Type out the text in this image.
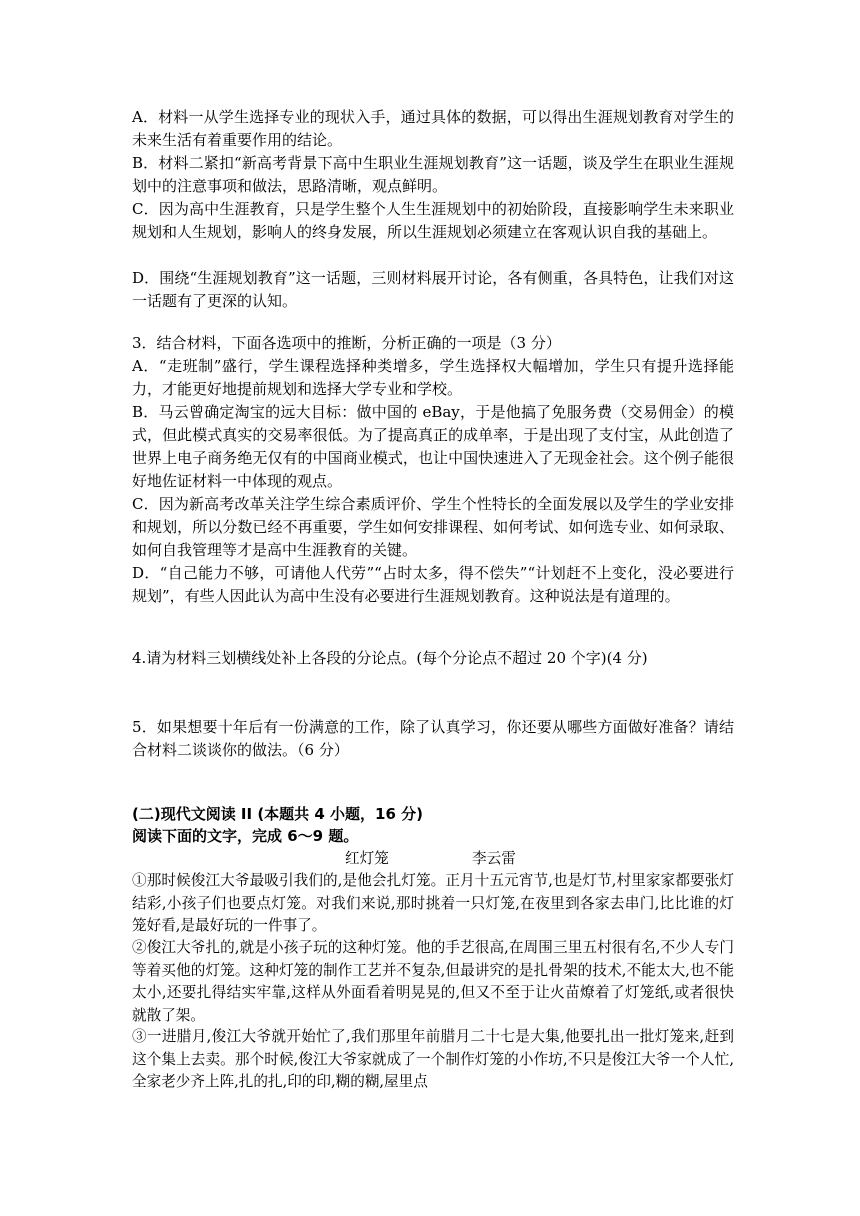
A．材料一从学生选择专业的现状入手，通过具体的数据，可以得出生涯规划教育对学生的未来生活有着重要作用的结论。

B．材料二紧扣“新高考背景下高中生职业生涯规划教育”这一话题，谈及学生在职业生涯规划中的注意事项和做法，思路清晰，观点鲜明。

C．因为高中生涯教育，只是学生整个人生生涯规划中的初始阶段，直接影响学生未来职业规划和人生规划，影响人的终身发展，所以生涯规划必须建立在客观认识自我的基础上。

D．围绕“生涯规划教育”这一话题，三则材料展开讨论，各有侧重，各具特色，让我们对这一话题有了更深的认知。

3．结合材料，下面各选项中的推断，分析正确的一项是（3 分）

A．“走班制”盛行，学生课程选择种类增多，学生选择权大幅增加，学生只有提升选择能力，才能更好地提前规划和选择大学专业和学校。

B．马云曾确定淘宝的远大目标：做中国的 eBay，于是他搞了免服务费（交易佣金）的模式，但此模式真实的交易率很低。为了提高真正的成单率，于是出现了支付宝，从此创造了世界上电子商务绝无仅有的中国商业模式，也让中国快速进入了无现金社会。这个例子能很好地佐证材料一中体现的观点。

C．因为新高考改革关注学生综合素质评价、学生个性特长的全面发展以及学生的学业安排和规划，所以分数已经不再重要，学生如何安排课程、如何考试、如何选专业、如何录取、如何自我管理等才是高中生涯教育的关键。

D．“自己能力不够，可请他人代劳”“占时太多，得不偿失”“计划赶不上变化，没必要进行规划”，有些人因此认为高中生没有必要进行生涯规划教育。这种说法是有道理的。

4.请为材料三划横线处补上各段的分论点。(每个分论点不超过 20 个字)(4 分)

5．如果想要十年后有一份满意的工作，除了认真学习，你还要从哪些方面做好准备？请结合材料二谈谈你的做法。（6 分）

(二)现代文阅读 II (本题共 4 小题，16 分)

阅读下面的文字，完成 6～9 题。

红灯笼	李云雷

①那时候俊江大爷最吸引我们的,是他会扎灯笼。正月十五元宵节,也是灯节,村里家家都要张灯结彩,小孩子们也要点灯笼。对我们来说,那时挑着一只灯笼,在夜里到各家去串门,比比谁的灯笼好看,是最好玩的一件事了。

②俊江大爷扎的,就是小孩子玩的这种灯笼。他的手艺很高,在周围三里五村很有名,不少人专门等着买他的灯笼。这种灯笼的制作工艺并不复杂,但最讲究的是扎骨架的技术,不能太大,也不能太小,还要扎得结实牢靠,这样从外面看着明晃晃的,但又不至于让火苗燎着了灯笼纸,或者很快就散了架。

③一进腊月,俊江大爷就开始忙了,我们那里年前腊月二十七是大集,他要扎出一批灯笼来,赶到这个集上去卖。那个时候,俊江大爷家就成了一个制作灯笼的小作坊,不只是俊江大爷一个人忙,全家老少齐上阵,扎的扎,印的印,糊的糊,屋里点
